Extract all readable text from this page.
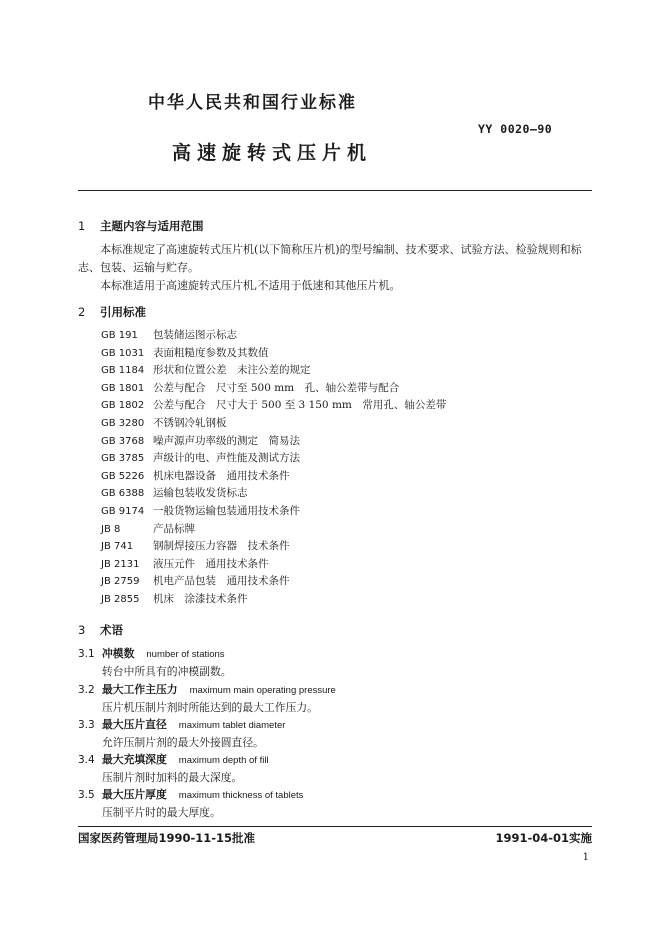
中华人民共和国行业标准
YY 0020—90
高速旋转式压片机
1 主题内容与适用范围
本标准规定了高速旋转式压片机(以下简称压片机)的型号编制、技术要求、试验方法、检验规则和标志、包装、运输与贮存。
本标准适用于高速旋转式压片机,不适用于低速和其他压片机。
2 引用标准
GB 191 包装储运图示标志
GB 1031 表面粗糙度参数及其数值
GB 1184 形状和位置公差　未注公差的规定
GB 1801 公差与配合　尺寸至 500 mm　孔、轴公差带与配合
GB 1802 公差与配合　尺寸大于 500 至 3 150 mm　常用孔、轴公差带
GB 3280 不锈钢冷轧钢板
GB 3768 噪声源声功率级的测定　简易法
GB 3785 声级计的电、声性能及测试方法
GB 5226 机床电器设备　通用技术条件
GB 6388 运输包装收发货标志
GB 9174 一般货物运输包装通用技术条件
JB 8	产品标牌
JB 741 钢制焊接压力容器　技术条件
JB 2131 液压元件　通用技术条件
JB 2759 机电产品包装　通用技术条件
JB 2855 机床　涂漆技术条件
3 术语
3.1 冲模数 number of stations
转台中所具有的冲模副数。
3.2 最大工作主压力 maximum main operating pressure
压片机压制片剂时所能达到的最大工作压力。
3.3 最大压片直径 maximum tablet diameter
允许压制片剂的最大外接圆直径。
3.4 最大充填深度 maximum depth of fill
压制片剂时加料的最大深度。
3.5 最大压片厚度 maximum thickness of tablets
压制平片时的最大厚度。
国家医药管理局1990-11-15批准	1991-04-01实施
1
